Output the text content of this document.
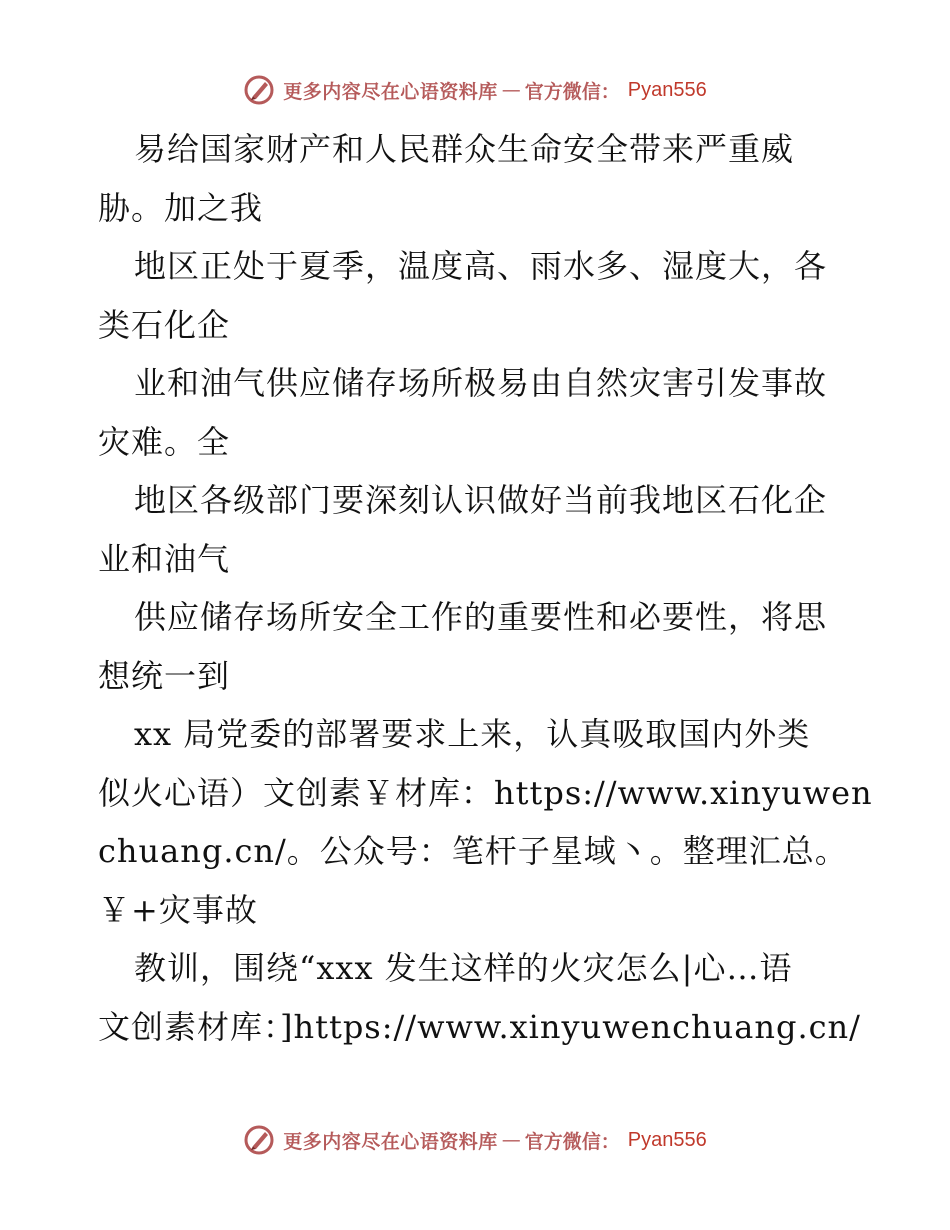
更多内容尽在心语资料库 — 官方微信： Pyan556
易给国家财产和人民群众生命安全带来严重威
胁。加之我
地区正处于夏季，温度高、雨水多、湿度大，各
类石化企
业和油气供应储存场所极易由自然灾害引发事故
灾难。全
地区各级部门要深刻认识做好当前我地区石化企
业和油气
供应储存场所安全工作的重要性和必要性，将思
想统一到
xx 局党委的部署要求上来，认真吸取国内外类
似火心语）文创素￥材库：https://www.xinyuwen
chuang.cn/。公众号：笔杆子星域丶。整理汇总。
￥+灾事故
教训，围绕“xxx 发生这样的火灾怎么|心…语
文创素材库：]https://www.xinyuwenchuang.cn/
更多内容尽在心语资料库 — 官方微信： Pyan556
